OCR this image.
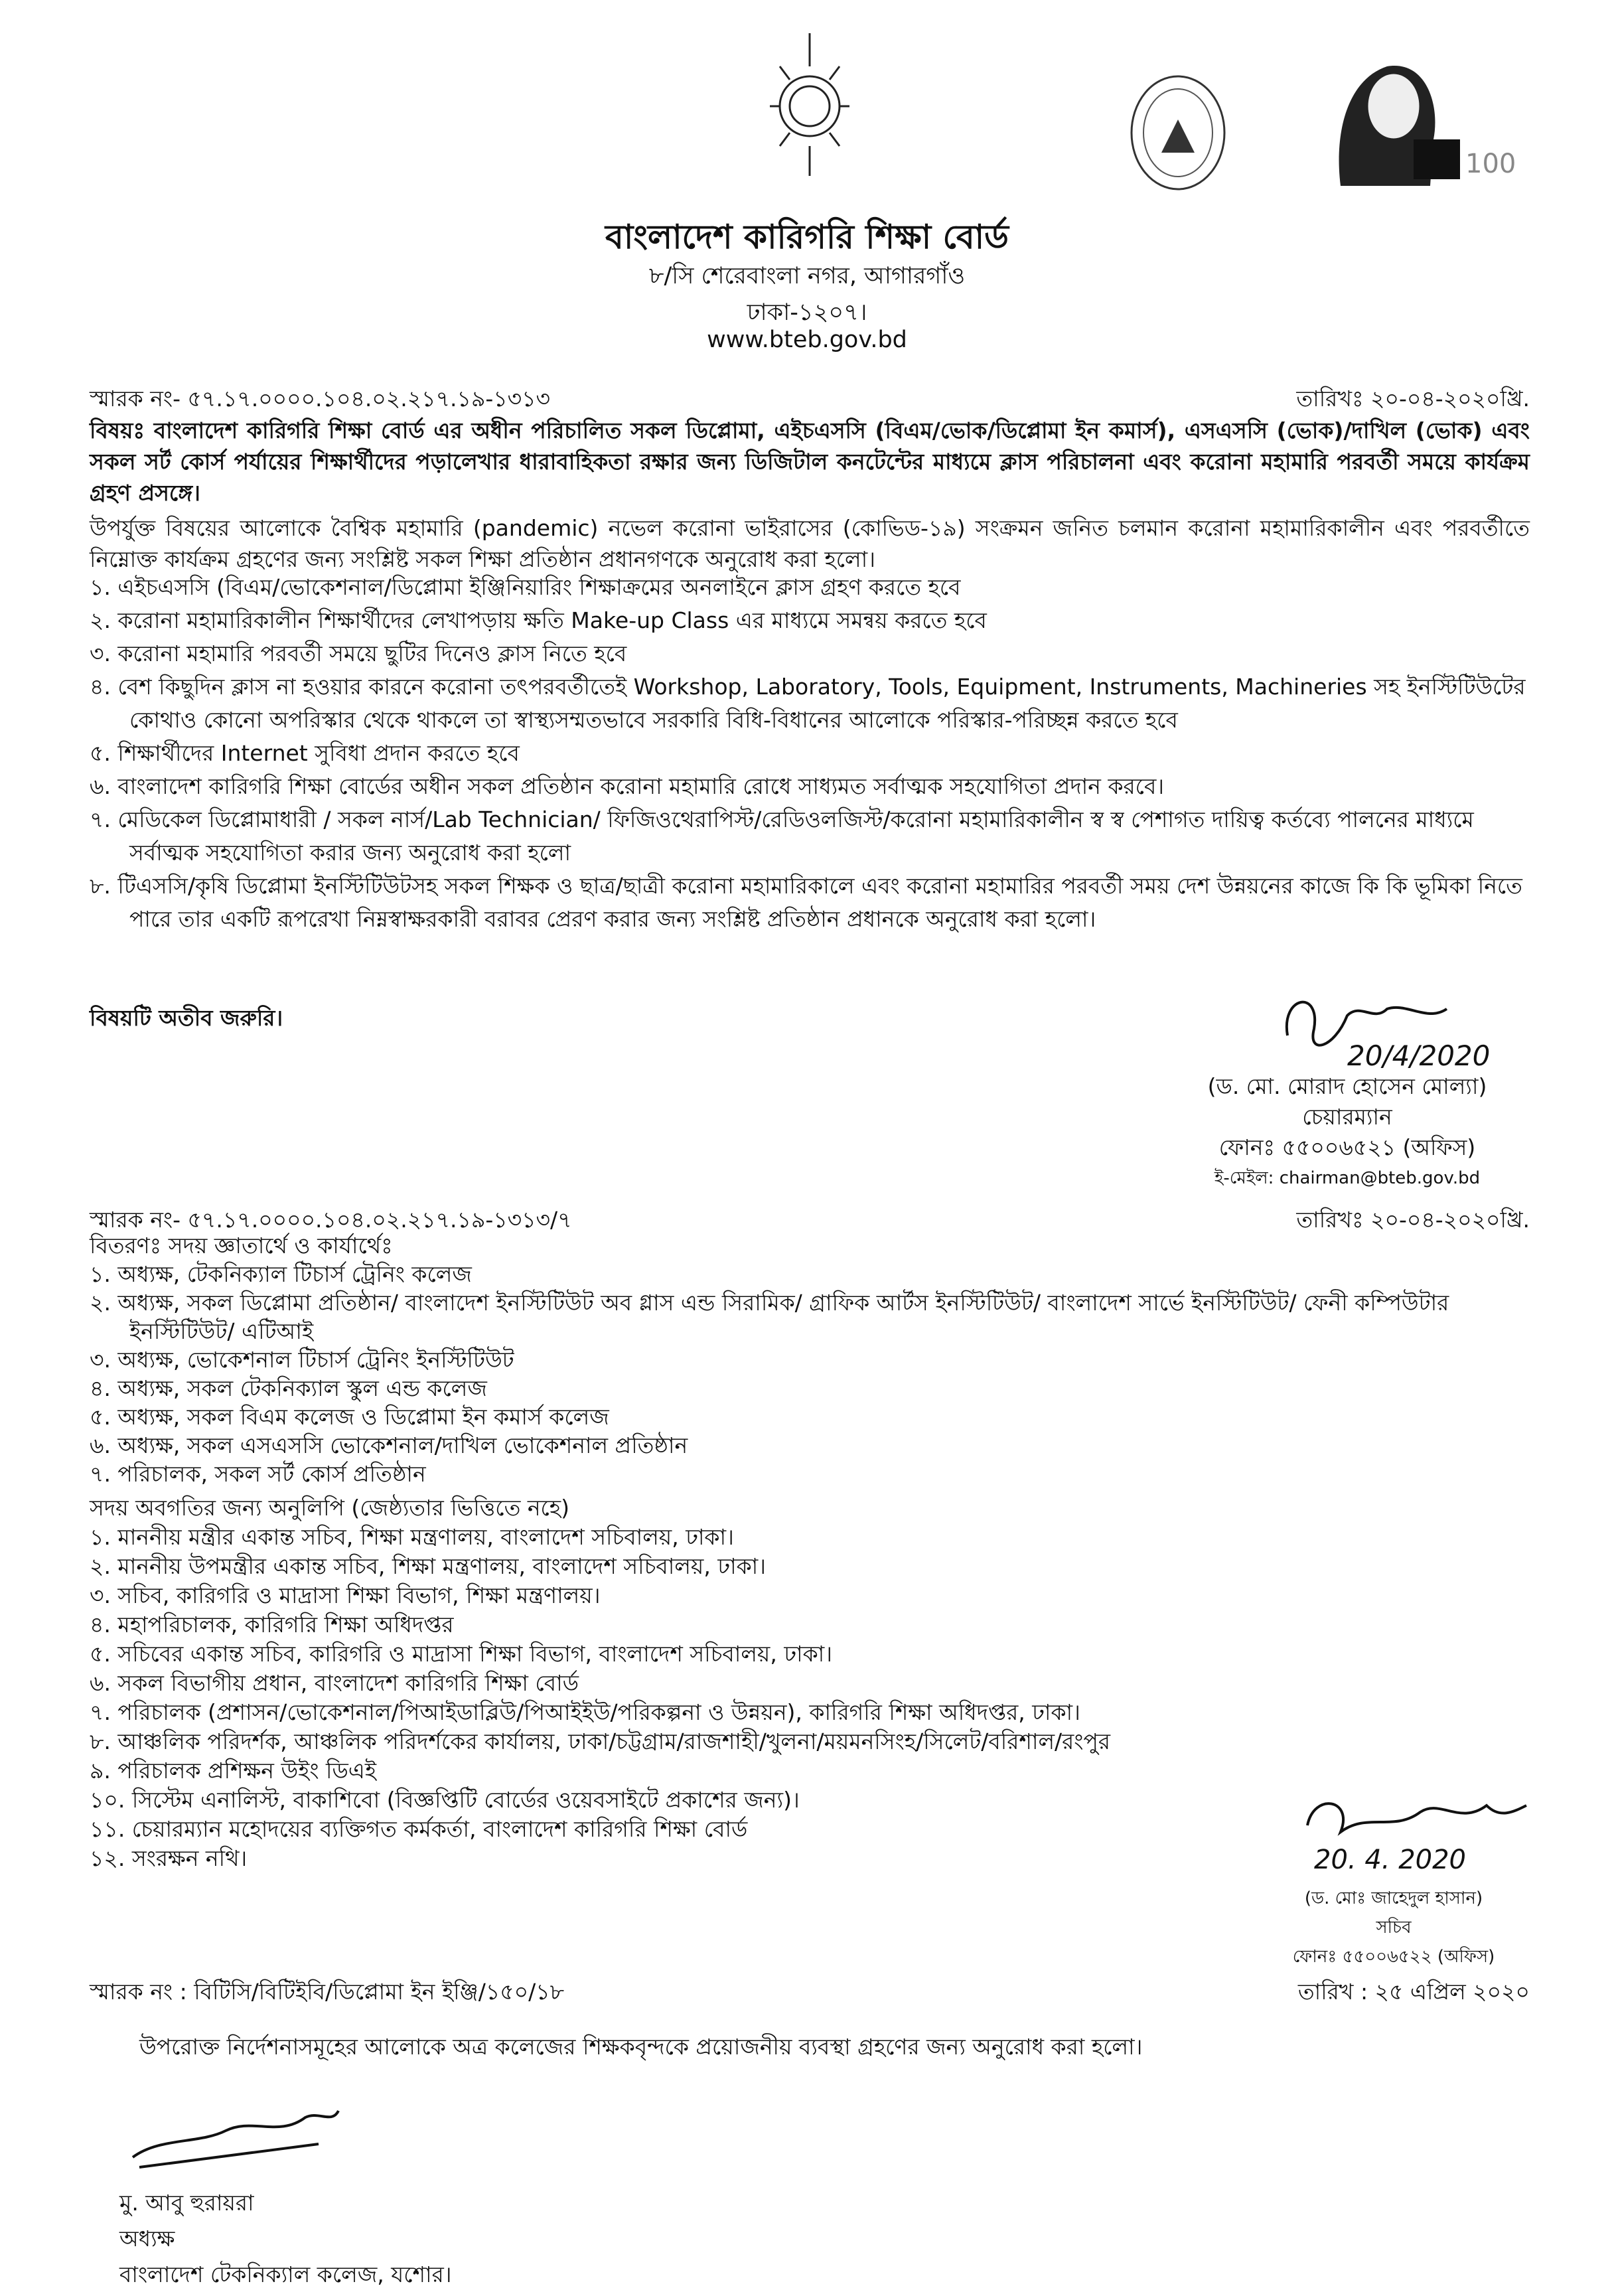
100
বাংলাদেশ কারিগরি শিক্ষা বোর্ড
৮/সি শেরেবাংলা নগর, আগারগাঁও
ঢাকা-১২০৭।
www.bteb.gov.bd
স্মারক নং- ৫৭.১৭.০০০০.১০৪.০২.২১৭.১৯-১৩১৩	তারিখঃ ২০-০৪-২০২০খ্রি.
বিষয়ঃ বাংলাদেশ কারিগরি শিক্ষা বোর্ড এর অধীন পরিচালিত সকল ডিপ্লোমা, এইচএসসি (বিএম/ভোক/ডিপ্লোমা ইন কমার্স), এসএসসি (ভোক)/দাখিল (ভোক) এবং সকল সর্ট কোর্স পর্যায়ের শিক্ষার্থীদের পড়ালেখার ধারাবাহিকতা রক্ষার জন্য ডিজিটাল কনটেন্টের মাধ্যমে ক্লাস পরিচালনা এবং করোনা মহামারি পরবর্তী সময়ে কার্যক্রম গ্রহণ প্রসঙ্গে।
উপর্যুক্ত বিষয়ের আলোকে বৈশ্বিক মহামারি (pandemic) নভেল করোনা ভাইরাসের (কোভিড-১৯) সংক্রমন জনিত চলমান করোনা মহামারিকালীন এবং পরবর্তীতে নিম্নোক্ত কার্যক্রম গ্রহণের জন্য সংশ্লিষ্ট সকল শিক্ষা প্রতিষ্ঠান প্রধানগণকে অনুরোধ করা হলো।
১. এইচএসসি (বিএম/ভোকেশনাল/ডিপ্লোমা ইঞ্জিনিয়ারিং শিক্ষাক্রমের অনলাইনে ক্লাস গ্রহণ করতে হবে
২. করোনা মহামারিকালীন শিক্ষার্থীদের লেখাপড়ায় ক্ষতি Make-up Class এর মাধ্যমে সমন্বয় করতে হবে
৩. করোনা মহামারি পরবর্তী সময়ে ছুটির দিনেও ক্লাস নিতে হবে
৪. বেশ কিছুদিন ক্লাস না হওয়ার কারনে করোনা তৎপরবর্তীতেই Workshop, Laboratory, Tools, Equipment, Instruments, Machineries সহ ইনস্টিটিউটের কোথাও কোনো অপরিস্কার থেকে থাকলে তা স্বাস্থ্যসম্মতভাবে সরকারি বিধি-বিধানের আলোকে পরিস্কার-পরিচ্ছন্ন করতে হবে
৫. শিক্ষার্থীদের Internet সুবিধা প্রদান করতে হবে
৬. বাংলাদেশ কারিগরি শিক্ষা বোর্ডের অধীন সকল প্রতিষ্ঠান করোনা মহামারি রোধে সাধ্যমত সর্বাত্মক সহযোগিতা প্রদান করবে।
৭. মেডিকেল ডিপ্লোমাধারী / সকল নার্স/Lab Technician/ ফিজিওথেরাপিস্ট/রেডিওলজিস্ট/করোনা মহামারিকালীন স্ব স্ব পেশাগত দায়িত্ব কর্তব্যে পালনের মাধ্যমে সর্বাত্মক সহযোগিতা করার জন্য অনুরোধ করা হলো
৮. টিএসসি/কৃষি ডিপ্লোমা ইনস্টিটিউটসহ সকল শিক্ষক ও ছাত্র/ছাত্রী করোনা মহামারিকালে এবং করোনা মহামারির পরবর্তী সময় দেশ উন্নয়নের কাজে কি কি ভূমিকা নিতে পারে তার একটি রূপরেখা নিম্নস্বাক্ষরকারী বরাবর প্রেরণ করার জন্য সংশ্লিষ্ট প্রতিষ্ঠান প্রধানকে অনুরোধ করা হলো।
বিষয়টি অতীব জরুরি।
20/4/2020
(ড. মো. মোরাদ হোসেন মোল্যা)
চেয়ারম্যান
ফোনঃ ৫৫০০৬৫২১ (অফিস)
ই-মেইল: chairman@bteb.gov.bd
স্মারক নং- ৫৭.১৭.০০০০.১০৪.০২.২১৭.১৯-১৩১৩/৭	তারিখঃ ২০-০৪-২০২০খ্রি.
বিতরণঃ সদয় জ্ঞাতার্থে ও কার্যার্থেঃ
১. অধ্যক্ষ, টেকনিক্যাল টিচার্স ট্রেনিং কলেজ
২. অধ্যক্ষ, সকল ডিপ্লোমা প্রতিষ্ঠান/ বাংলাদেশ ইনস্টিটিউট অব গ্লাস এন্ড সিরামিক/ গ্রাফিক আর্টস ইনস্টিটিউট/ বাংলাদেশ সার্ভে ইনস্টিটিউট/ ফেনী কম্পিউটার ইনস্টিটিউট/ এটিআই
৩. অধ্যক্ষ, ভোকেশনাল টিচার্স ট্রেনিং ইনস্টিটিউট
৪. অধ্যক্ষ, সকল টেকনিক্যাল স্কুল এন্ড কলেজ
৫. অধ্যক্ষ, সকল বিএম কলেজ ও ডিপ্লোমা ইন কমার্স কলেজ
৬. অধ্যক্ষ, সকল এসএসসি ভোকেশনাল/দাখিল ভোকেশনাল প্রতিষ্ঠান
৭. পরিচালক, সকল সর্ট কোর্স প্রতিষ্ঠান
সদয় অবগতির জন্য অনুলিপি (জেষ্ঠ্যতার ভিত্তিতে নহে)
১. মাননীয় মন্ত্রীর একান্ত সচিব, শিক্ষা মন্ত্রণালয়, বাংলাদেশ সচিবালয়, ঢাকা।
২. মাননীয় উপমন্ত্রীর একান্ত সচিব, শিক্ষা মন্ত্রণালয়, বাংলাদেশ সচিবালয়, ঢাকা।
৩. সচিব, কারিগরি ও মাদ্রাসা শিক্ষা বিভাগ, শিক্ষা মন্ত্রণালয়।
৪. মহাপরিচালক, কারিগরি শিক্ষা অধিদপ্তর
৫. সচিবের একান্ত সচিব, কারিগরি ও মাদ্রাসা শিক্ষা বিভাগ, বাংলাদেশ সচিবালয়, ঢাকা।
৬. সকল বিভাগীয় প্রধান, বাংলাদেশ কারিগরি শিক্ষা বোর্ড
৭. পরিচালক (প্রশাসন/ভোকেশনাল/পিআইডাব্লিউ/পিআইইউ/পরিকল্পনা ও উন্নয়ন), কারিগরি শিক্ষা অধিদপ্তর, ঢাকা।
৮. আঞ্চলিক পরিদর্শক, আঞ্চলিক পরিদর্শকের কার্যালয়, ঢাকা/চট্টগ্রাম/রাজশাহী/খুলনা/ময়মনসিংহ/সিলেট/বরিশাল/রংপুর
৯. পরিচালক প্রশিক্ষন উইং ডিএই
১০. সিস্টেম এনালিস্ট, বাকাশিবো (বিজ্ঞপ্তিটি বোর্ডের ওয়েবসাইটে প্রকাশের জন্য)।
১১. চেয়ারম্যান মহোদয়ের ব্যক্তিগত কর্মকর্তা, বাংলাদেশ কারিগরি শিক্ষা বোর্ড
১২. সংরক্ষন নথি।	20. 4. 2020
(ড. মোঃ জাহেদুল হাসান)
সচিব
ফোনঃ ৫৫০০৬৫২২ (অফিস)
স্মারক নং : বিটিসি/বিটিইবি/ডিপ্লোমা ইন ইঞ্জি/১৫০/১৮	তারিখ : ২৫ এপ্রিল ২০২০
উপরোক্ত নির্দেশনাসমূহের আলোকে অত্র কলেজের শিক্ষকবৃন্দকে প্রয়োজনীয় ব্যবস্থা গ্রহণের জন্য অনুরোধ করা হলো।
মু. আবু হুরায়রা
অধ্যক্ষ
বাংলাদেশ টেকনিক্যাল কলেজ, যশোর।
